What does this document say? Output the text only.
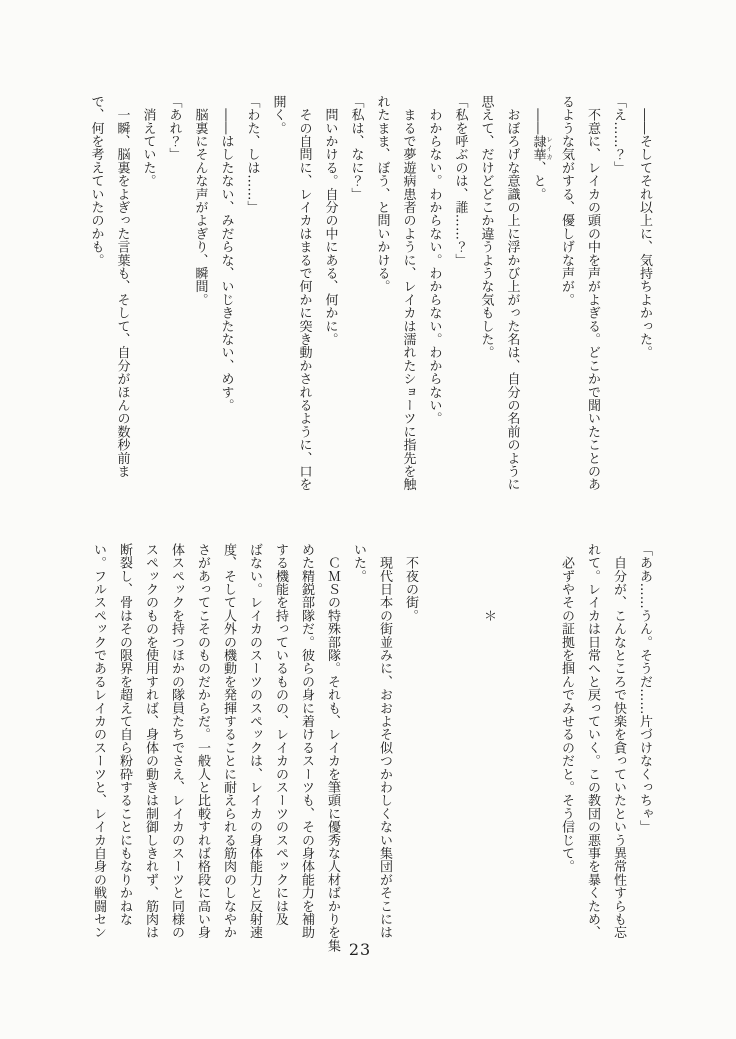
　――そしてそれ以上に、気持ちよかった。
「え……？」
　不意に、レイカの頭の中を声がよぎる。どこかで聞いたことのあ
るような気がする、優しげな声が。
　――隷華 レイカ、と。
　おぼろげな意識の上に浮かび上がった名は、自分の名前のように
思えて、だけどどこか違うような気もした。
「私を呼ぶのは、誰……？」
　わからない。わからない。わからない。わからない。
　まるで夢遊病患者のように、レイカは濡れたショーツに指先を触
れたまま、ぼう、と問いかける。
「私は、なに？」
　問いかける。自分の中にある、何かに。
　その自問に、レイカはまるで何かに突き動かされるように、口を
開く。
「わた、しは……」
　――はしたない、みだらな、いじきたない、めす。
　脳裏にそんな声がよぎり、瞬間。
「あれ？」
　消えていた。
　一瞬、脳裏をよぎった言葉も、そして、自分がほんの数秒前ま
で、何を考えていたのかも。
「ああ……うん。そうだ……片づけなくっちゃ」
　自分が、こんなところで快楽を貪っていたという異常性すらも忘
れて。レイカは日常へと戻っていく。この教団の悪事を暴くため、
　必ずやその証拠を掴んでみせるのだと。そう信じて。

　　　　　＊

　不夜の街。
　現代日本の街並みに、おおよそ似つかわしくない集団がそこには
いた。
　ＣＭＳの特殊部隊。それも、レイカを筆頭に優秀な人材ばかりを集
めた精鋭部隊だ。彼らの身に着けるスーツも、その身体能力を補助
する機能を持っているものの、レイカのスーツのスペックには及
ばない。レイカのスーツのスペックは、レイカの身体能力と反射速
度、そして人外の機動を発揮することに耐えられる筋肉のしなやか
さがあってこそのものだからだ。一般人と比較すれば格段に高い身
体スペックを持つほかの隊員たちでさえ、レイカのスーツと同様の
スペックのものを使用すれば、身体の動きは制御しきれず、筋肉は
断裂し、骨はその限界を超えて自ら粉砕することにもなりかねな
い。フルスペックであるレイカのスーツと、レイカ自身の戦闘セン
23
